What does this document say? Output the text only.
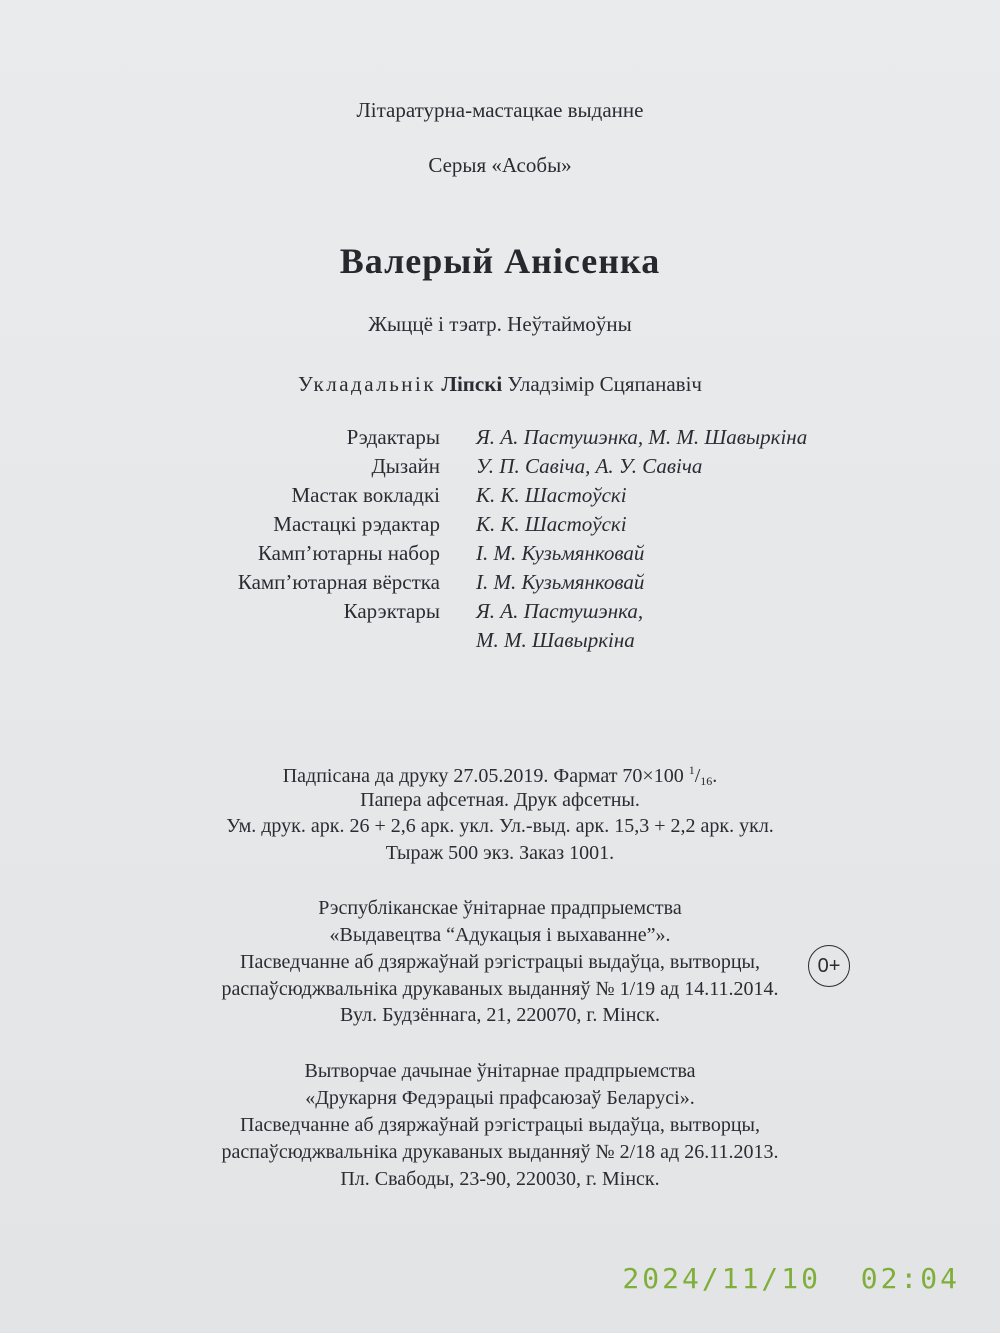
Літаратурна-мастацкае выданне
Серыя «Асобы»
Валерый Анісенка
Жыццё і тэатр. Неўтаймоўны
Укладальнік Ліпскі Уладзімір Сцяпанавіч
Рэдактары Я. А. Пастушэнка, М. М. Шавыркіна
Дызайн У. П. Савіча, А. У. Савіча
Мастак вокладкі К. К. Шастоўскі
Мастацкі рэдактар К. К. Шастоўскі
Камп’ютарны набор І. М. Кузьмянковай
Камп’ютарная вёрстка І. М. Кузьмянковай
Карэктары Я. А. Пастушэнка,
М. М. Шавыркіна
Падпісана да друку 27.05.2019. Фармат 70×100 $^1/_{16}$.
Папера афсетная. Друк афсетны.
Ум. друк. арк. 26 + 2,6 арк. укл. Ул.-выд. арк. 15,3 + 2,2 арк. укл.
Тыраж 500 экз. Заказ 1001.
Рэспубліканскае ўнітарнае прадпрыемства
«Выдавецтва “Адукацыя і выхаванне”».
Пасведчанне аб дзяржаўнай рэгістрацыі выдаўца, вытворцы,
распаўсюджвальніка друкаваных выданняў № 1/19 ад 14.11.2014.
Вул. Будзённага, 21, 220070, г. Мінск.
0+
Вытворчае дачынае ўнітарнае прадпрыемства
«Друкарня Федэрацыі прафсаюзаў Беларусі».
Пасведчанне аб дзяржаўнай рэгістрацыі выдаўца, вытворцы,
распаўсюджвальніка друкаваных выданняў № 2/18 ад 26.11.2013.
Пл. Свабоды, 23-90, 220030, г. Мінск.
2024/11/10  02:04
